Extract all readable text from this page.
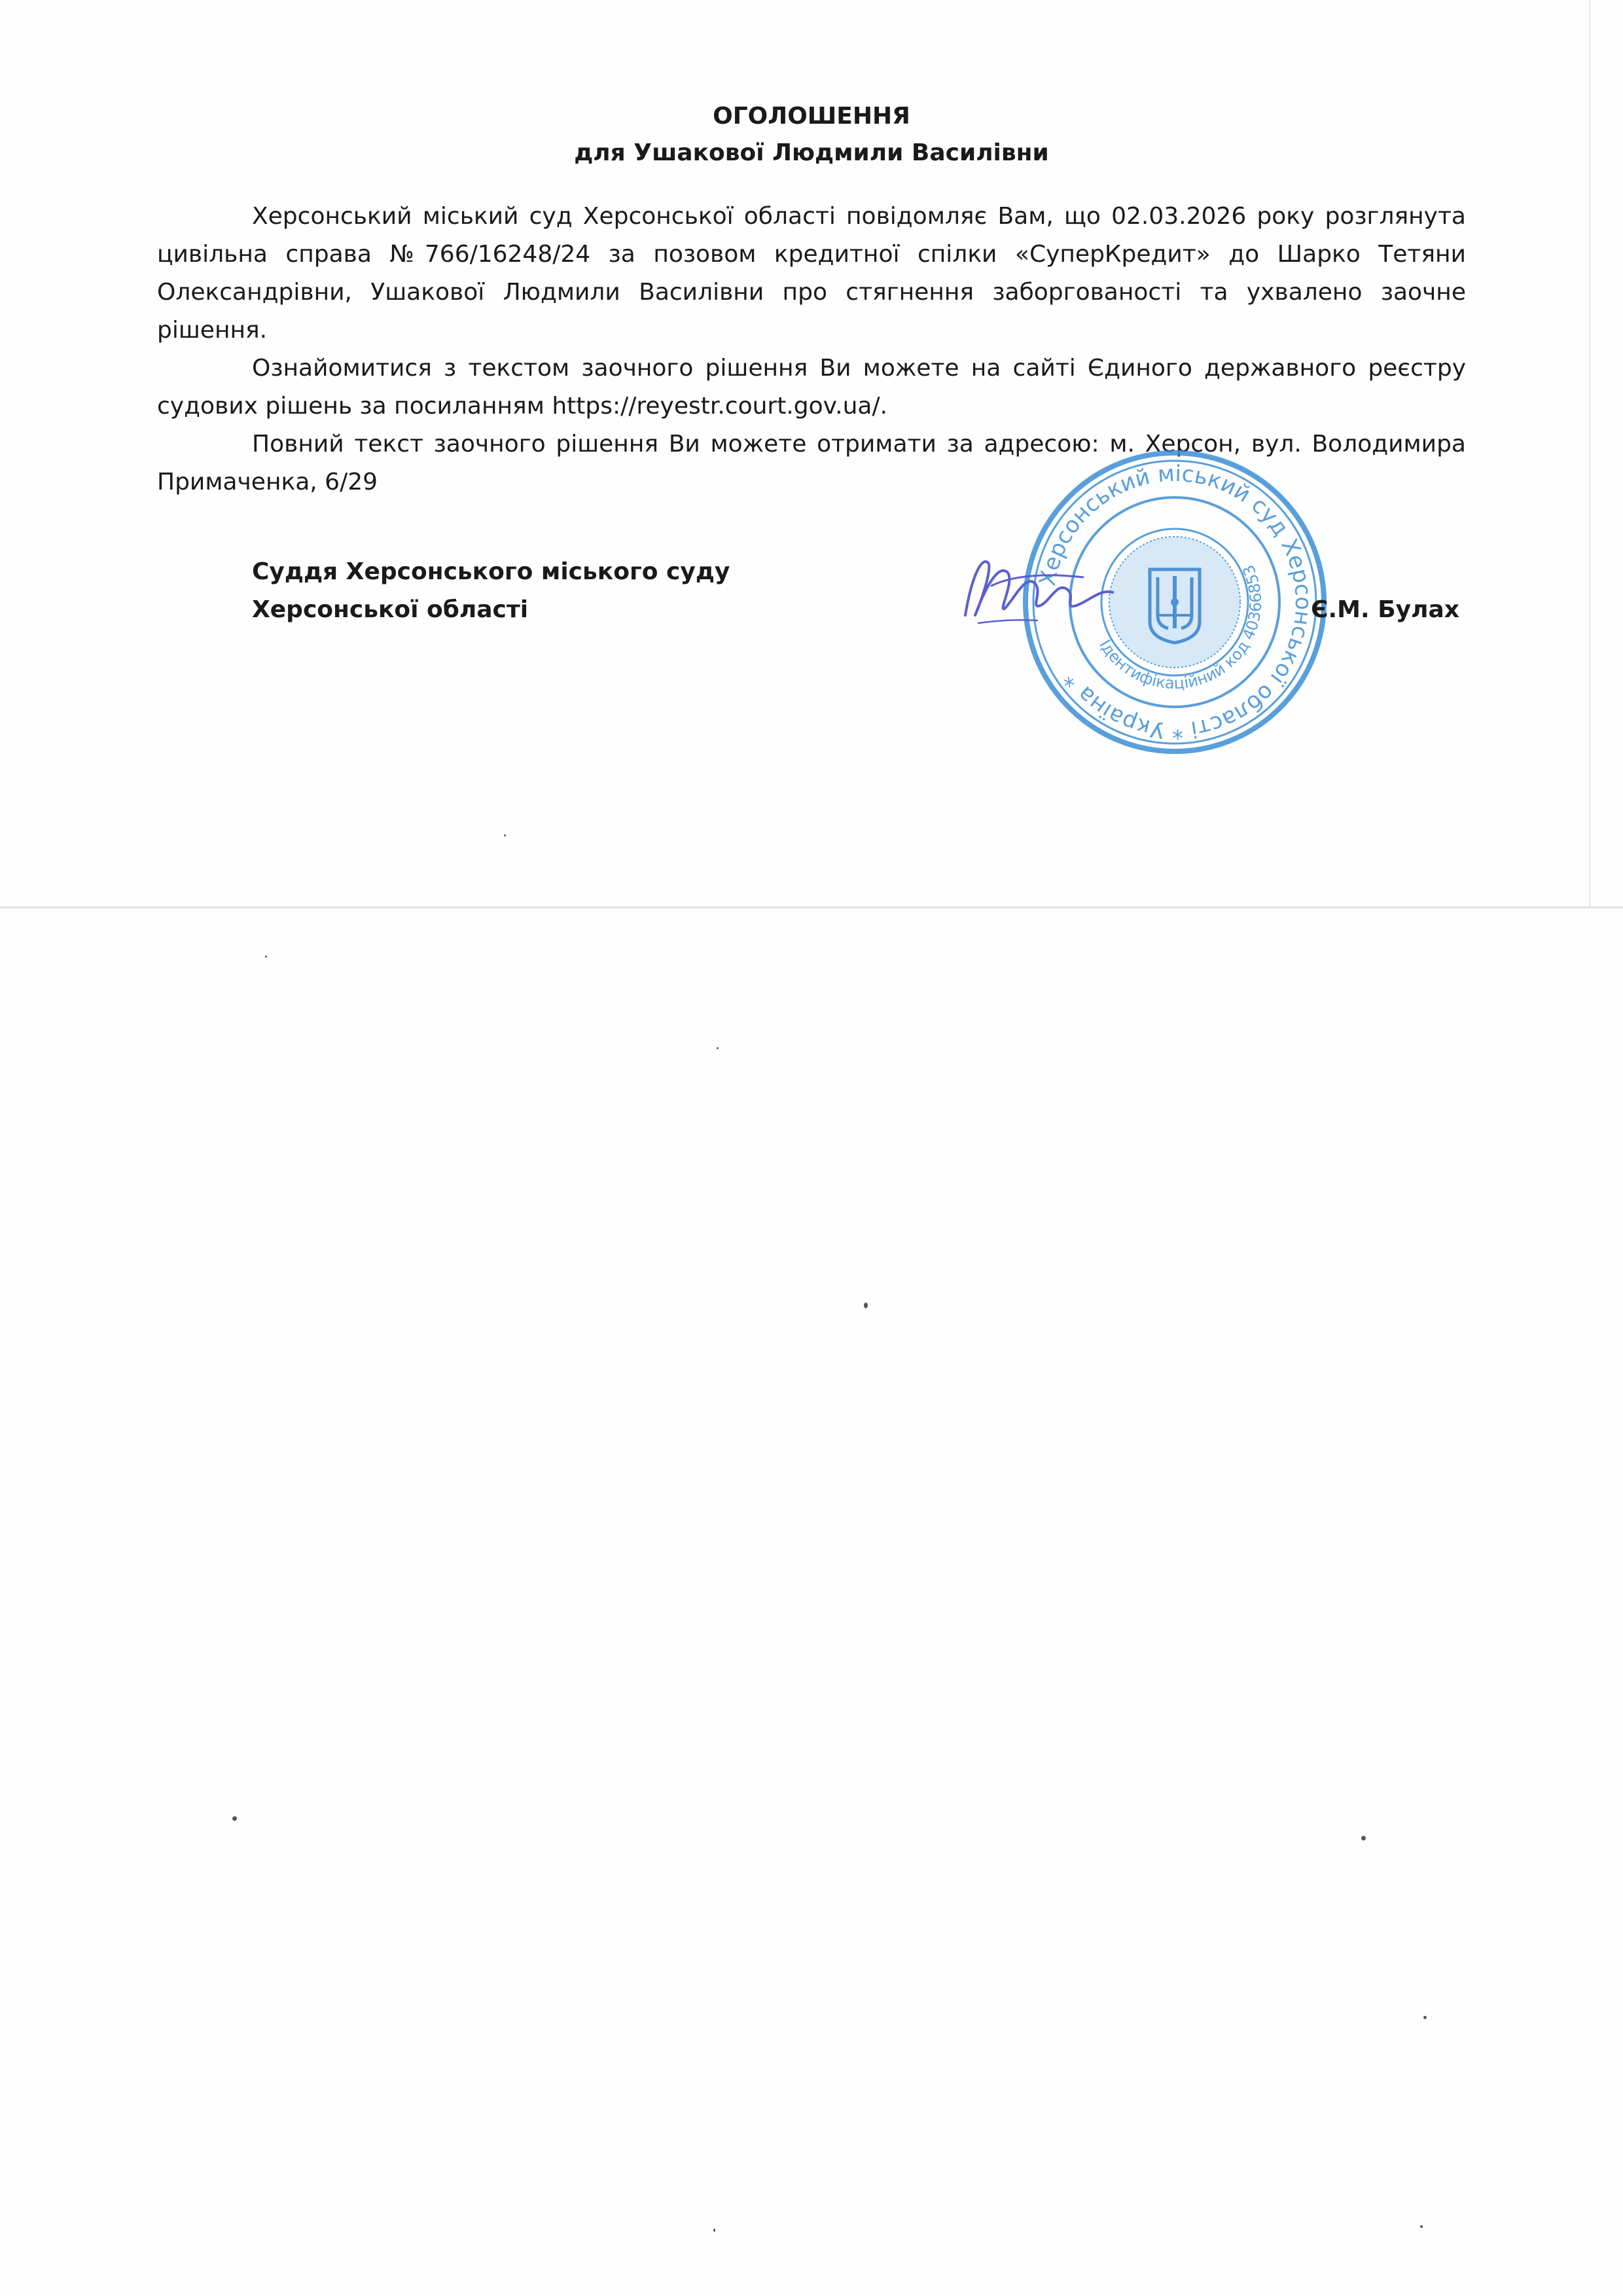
ОГОЛОШЕННЯ

для Ушакової Людмили Василівни

Херсонський міський суд Херсонської області повідомляє Вам, що 02.03.2026 року розглянута цивільна справа №766/16248/24 за позовом кредитної спілки «СуперКредит» до Шарко Тетяни Олександрівни, Ушакової Людмили Василівни про стягнення заборгованості та ухвалено заочне рішення.

Ознайомитися з текстом заочного рішення Ви можете на сайті Єдиного державного реєстру судових рішень за посиланням https://reyestr.court.gov.ua/.

Повний текст заочного рішення Ви можете отримати за адресою: м. Херсон, вул. Володимира Примаченка, 6/29

Суддя Херсонського міського суду
Херсонської області
Херсонський міський суд Херсонської області * Україна *
Ідентифікаційний код 40366853
Є.М. Булах
